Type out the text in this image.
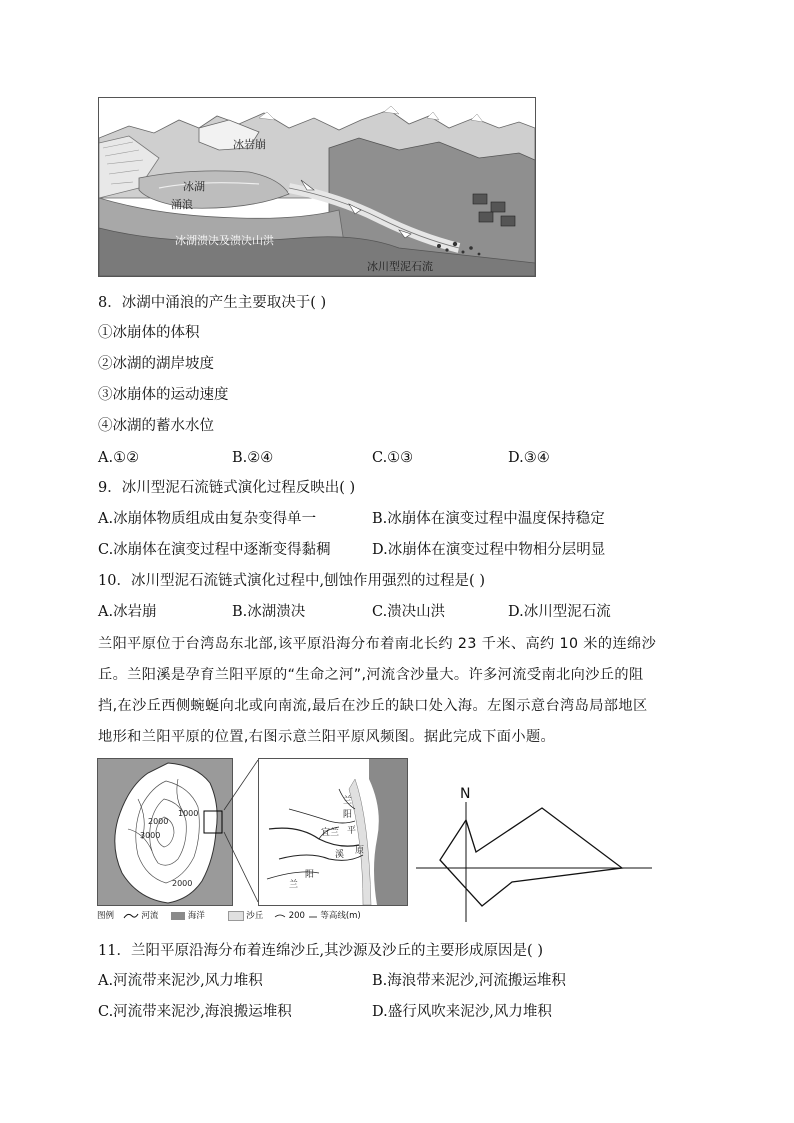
冰岩崩
冰湖
涌浪
冰湖溃决及溃决山洪
冰川型泥石流
8．冰湖中涌浪的产生主要取决于( )
①冰崩体的体积
②冰湖的湖岸坡度
③冰崩体的运动速度
④冰湖的蓄水水位
A.①②	B.②④	C.①③	D.③④
9．冰川型泥石流链式演化过程反映出( )
A.冰崩体物质组成由复杂变得单一	B.冰崩体在演变过程中温度保持稳定
C.冰崩体在演变过程中逐渐变得黏稠	D.冰崩体在演变过程中物相分层明显
10．冰川型泥石流链式演化过程中,刨蚀作用强烈的过程是( )
A.冰岩崩	B.冰湖溃决	C.溃决山洪	D.冰川型泥石流
兰阳平原位于台湾岛东北部,该平原沿海分布着南北长约 23 千米、高约 10 米的连绵沙
丘。兰阳溪是孕育兰阳平原的“生命之河”,河流含沙量大。许多河流受南北向沙丘的阻
挡,在沙丘西侧蜿蜒向北或向南流,最后在沙丘的缺口处入海。左图示意台湾岛局部地区
地形和兰阳平原的位置,右图示意兰阳平原风频图。据此完成下面小题。
3000
2000
1000
2000
兰
阳
宜兰 平
原
溪
兰
阳
图例	河流	海洋	沙丘	200 等高线(m)
N
11．兰阳平原沿海分布着连绵沙丘,其沙源及沙丘的主要形成原因是( )
A.河流带来泥沙,风力堆积	B.海浪带来泥沙,河流搬运堆积
C.河流带来泥沙,海浪搬运堆积	D.盛行风吹来泥沙,风力堆积
